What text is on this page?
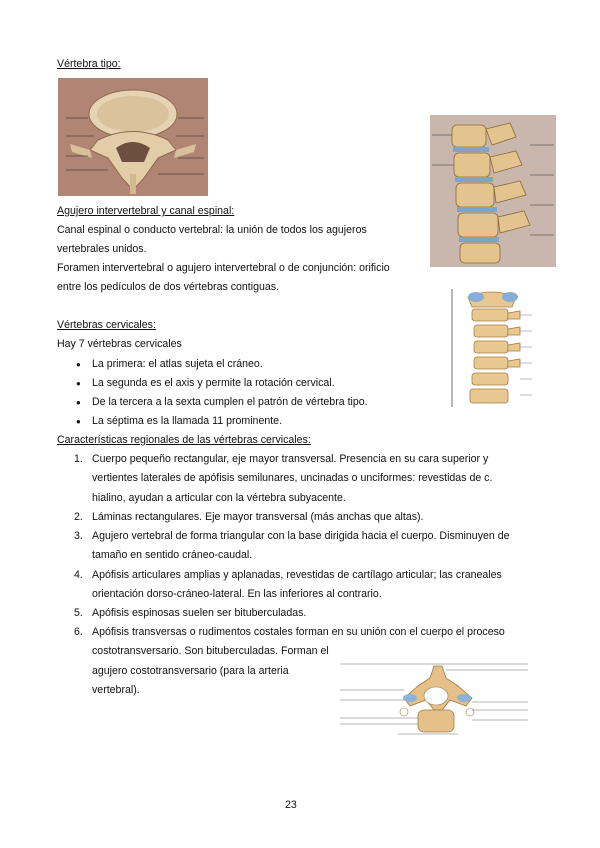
Vértebra tipo:
Agujero intervertebral y canal espinal:
Canal espinal o conducto vertebral: la unión de todos los agujeros
vertebrales unidos.
Foramen intervertebral o agujero intervertebral o de conjunción: orificio
entre los pedículos de dos vértebras contiguas.
Vértebras cervicales:
Hay 7 vértebras cervicales
● La primera: el atlas sujeta el cráneo.
● La segunda es el axis y permite la rotación cervical.
● De la tercera a la sexta cumplen el patrón de vértebra tipo.
● La séptima es la llamada 11 prominente.
Características regionales de las vértebras cervicales:
1. Cuerpo pequeño rectangular, eje mayor transversal. Presencia en su cara superior y
vertientes laterales de apófisis semilunares, uncinadas o unciformes: revestidas de c.
hialino, ayudan a articular con la vértebra subyacente.
2. Láminas rectangulares. Eje mayor transversal (más anchas que altas).
3. Agujero vertebral de forma triangular con la base dirigida hacia el cuerpo. Disminuyen de
tamaño en sentido cráneo-caudal.
4. Apófisis articulares amplias y aplanadas, revestidas de cartílago articular; las craneales
orientación dorso-cráneo-lateral. En las inferiores al contrario.
5. Apófisis espinosas suelen ser bituberculadas.
6. Apófisis transversas o rudimentos costales forman en su unión con el cuerpo el proceso
costotransversario. Son bituberculadas. Forman el
agujero costotransversario (para la arteria
vertebral).
23
